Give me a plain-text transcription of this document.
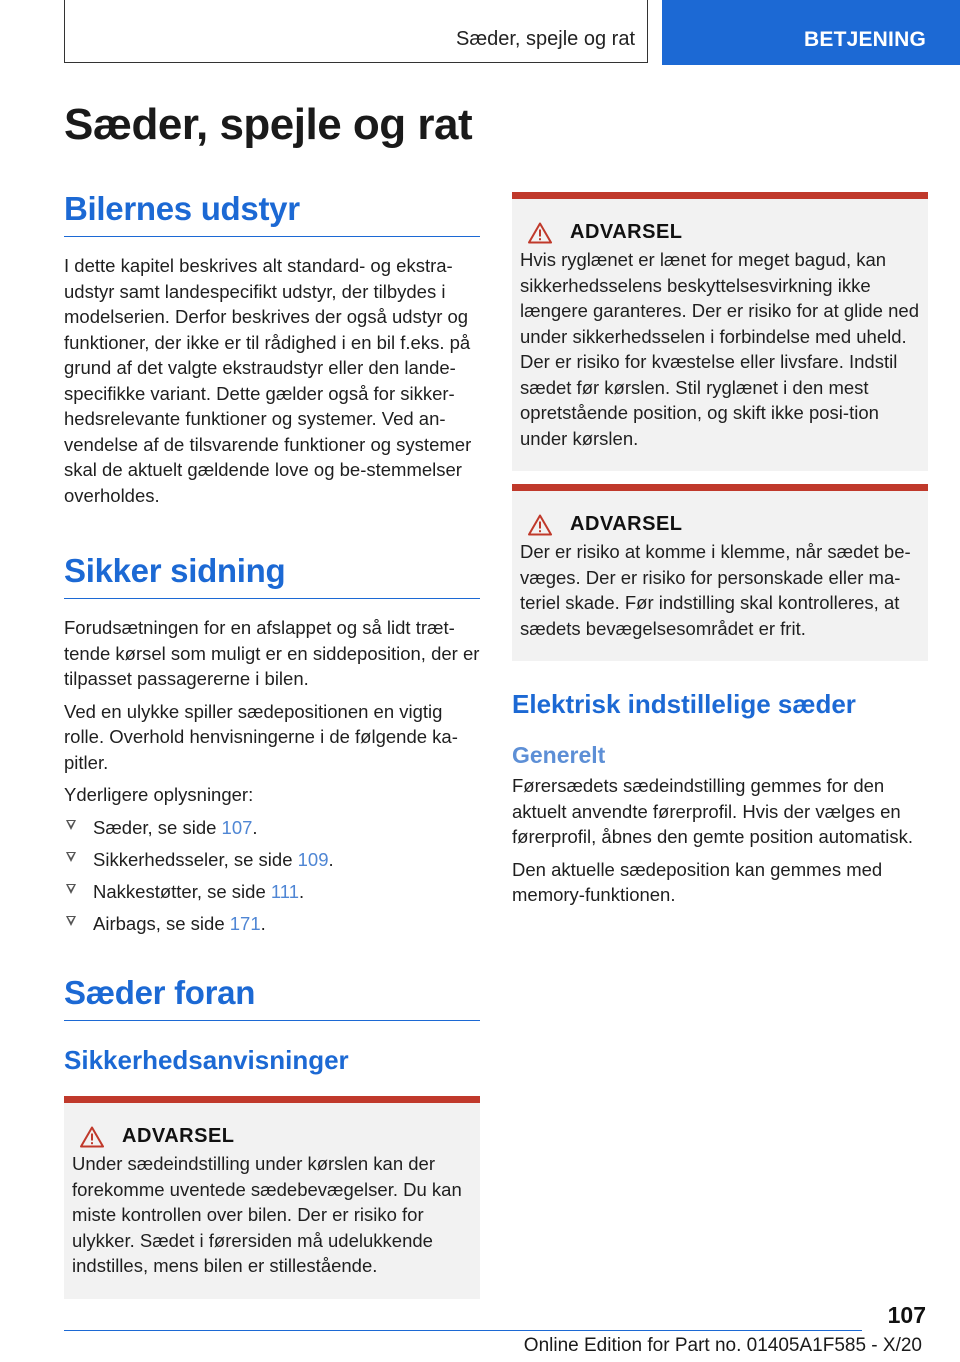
Sæder, spejle og rat	BETJENING
Sæder, spejle og rat
Bilernes udstyr

I dette kapitel beskrives alt standard- og ekstra-udstyr samt landespecifikt udstyr, der tilbydes i modelserien. Derfor beskrives der også udstyr og funktioner, der ikke er til rådighed i en bil f.eks. på grund af det valgte ekstraudstyr eller den lande-specifikke variant. Dette gælder også for sikker-hedsrelevante funktioner og systemer. Ved an-vendelse af de tilsvarende funktioner og systemer skal de aktuelt gældende love og be-stemmelser overholdes.

Sikker sidning

Forudsætningen for en afslappet og så lidt træt-tende kørsel som muligt er en siddeposition, der er tilpasset passagererne i bilen.

Ved en ulykke spiller sædepositionen en vigtig rolle. Overhold henvisningerne i de følgende ka-pitler.

Yderligere oplysninger:

Sæder, se side 107.
Sikkerhedsseler, se side 109.
Nakkestøtter, se side 111.
Airbags, se side 171.
Sæder foran
Sikkerhedsanvisninger
ADVARSEL

Under sædeindstilling under kørslen kan der forekomme uventede sædebevægelser. Du kan miste kontrollen over bilen. Der er risiko for ulykker. Sædet i førersiden må udelukkende indstilles, mens bilen er stillestående.

ADVARSEL

Hvis ryglænet er lænet for meget bagud, kan sikkerhedsselens beskyttelsesvirkning ikke længere garanteres. Der er risiko for at glide ned under sikkerhedsselen i forbindelse med uheld. Der er risiko for kvæstelse eller livsfare. Indstil sædet før kørslen. Stil ryglænet i den mest opretstående position, og skift ikke posi-tion under kørslen.

ADVARSEL

Der er risiko at komme i klemme, når sædet be-væges. Der er risiko for personskade eller ma-teriel skade. Før indstilling skal kontrolleres, at sædets bevægelsesområdet er frit.

Elektrisk indstillelige sæder
Generelt

Førersædets sædeindstilling gemmes for den aktuelt anvendte førerprofil. Hvis der vælges en førerprofil, åbnes den gemte position automatisk.

Den aktuelle sædeposition kan gemmes med memory-funktionen.

107
Online Edition for Part no. 01405A1F585 - X/20
